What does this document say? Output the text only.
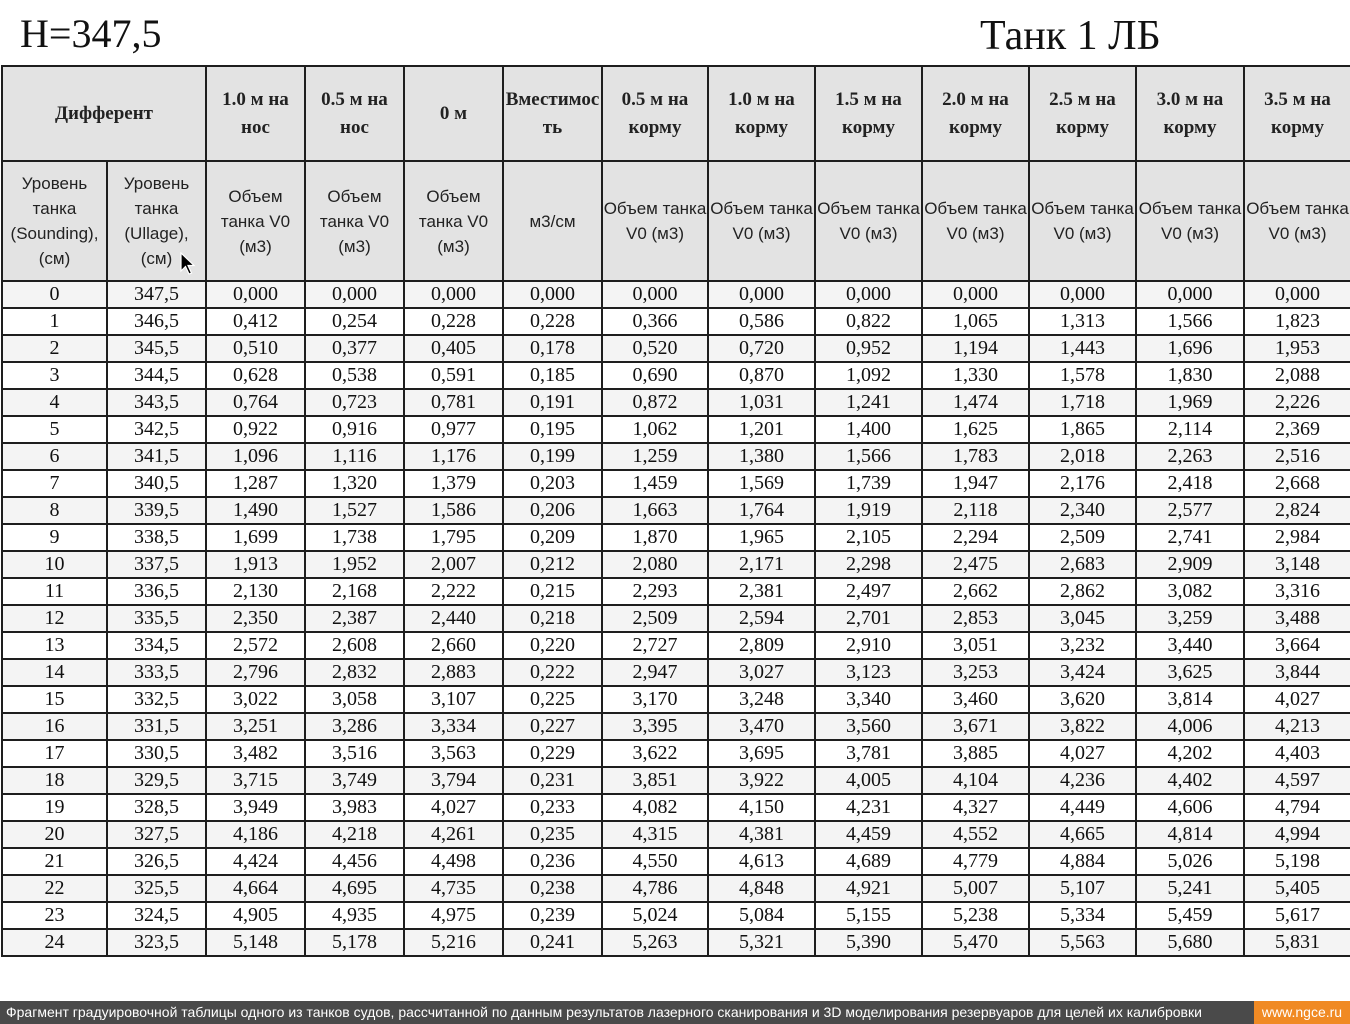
H=347,5	Танк 1 ЛБ
Дифферент		1.0 м на нос	0.5 м на нос	0 м	Вместимость	0.5 м на корму	1.0 м на корму	1.5 м на корму	2.0 м на корму	2.5 м на корму	3.0 м на корму	3.5 м на корму
Уровень танка (Sounding), (см)	Уровень танка (Ullage), (см)	Объем танка V0 (м3)	Объем танка V0 (м3)	Объем танка V0 (м3)	м3/см	Объем танка V0 (м3)	Объем танка V0 (м3)	Объем танка V0 (м3)	Объем танка V0 (м3)	Объем танка V0 (м3)	Объем танка V0 (м3)	Объем танка V0 (м3)
0	347,5	0,000	0,000	0,000	0,000	0,000	0,000	0,000	0,000	0,000	0,000	0,000
1	346,5	0,412	0,254	0,228	0,228	0,366	0,586	0,822	1,065	1,313	1,566	1,823
2	345,5	0,510	0,377	0,405	0,178	0,520	0,720	0,952	1,194	1,443	1,696	1,953
3	344,5	0,628	0,538	0,591	0,185	0,690	0,870	1,092	1,330	1,578	1,830	2,088
4	343,5	0,764	0,723	0,781	0,191	0,872	1,031	1,241	1,474	1,718	1,969	2,226
5	342,5	0,922	0,916	0,977	0,195	1,062	1,201	1,400	1,625	1,865	2,114	2,369
6	341,5	1,096	1,116	1,176	0,199	1,259	1,380	1,566	1,783	2,018	2,263	2,516
7	340,5	1,287	1,320	1,379	0,203	1,459	1,569	1,739	1,947	2,176	2,418	2,668
8	339,5	1,490	1,527	1,586	0,206	1,663	1,764	1,919	2,118	2,340	2,577	2,824
9	338,5	1,699	1,738	1,795	0,209	1,870	1,965	2,105	2,294	2,509	2,741	2,984
10	337,5	1,913	1,952	2,007	0,212	2,080	2,171	2,298	2,475	2,683	2,909	3,148
11	336,5	2,130	2,168	2,222	0,215	2,293	2,381	2,497	2,662	2,862	3,082	3,316
12	335,5	2,350	2,387	2,440	0,218	2,509	2,594	2,701	2,853	3,045	3,259	3,488
13	334,5	2,572	2,608	2,660	0,220	2,727	2,809	2,910	3,051	3,232	3,440	3,664
14	333,5	2,796	2,832	2,883	0,222	2,947	3,027	3,123	3,253	3,424	3,625	3,844
15	332,5	3,022	3,058	3,107	0,225	3,170	3,248	3,340	3,460	3,620	3,814	4,027
16	331,5	3,251	3,286	3,334	0,227	3,395	3,470	3,560	3,671	3,822	4,006	4,213
17	330,5	3,482	3,516	3,563	0,229	3,622	3,695	3,781	3,885	4,027	4,202	4,403
18	329,5	3,715	3,749	3,794	0,231	3,851	3,922	4,005	4,104	4,236	4,402	4,597
19	328,5	3,949	3,983	4,027	0,233	4,082	4,150	4,231	4,327	4,449	4,606	4,794
20	327,5	4,186	4,218	4,261	0,235	4,315	4,381	4,459	4,552	4,665	4,814	4,994
21	326,5	4,424	4,456	4,498	0,236	4,550	4,613	4,689	4,779	4,884	5,026	5,198
22	325,5	4,664	4,695	4,735	0,238	4,786	4,848	4,921	5,007	5,107	5,241	5,405
23	324,5	4,905	4,935	4,975	0,239	5,024	5,084	5,155	5,238	5,334	5,459	5,617
24	323,5	5,148	5,178	5,216	0,241	5,263	5,321	5,390	5,470	5,563	5,680	5,831
Фрагмент градуировочной таблицы одного из танков судов, рассчитанной по данным результатов лазерного сканирования и 3D моделирования резервуаров для целей их калибровки	www.ngce.ru
